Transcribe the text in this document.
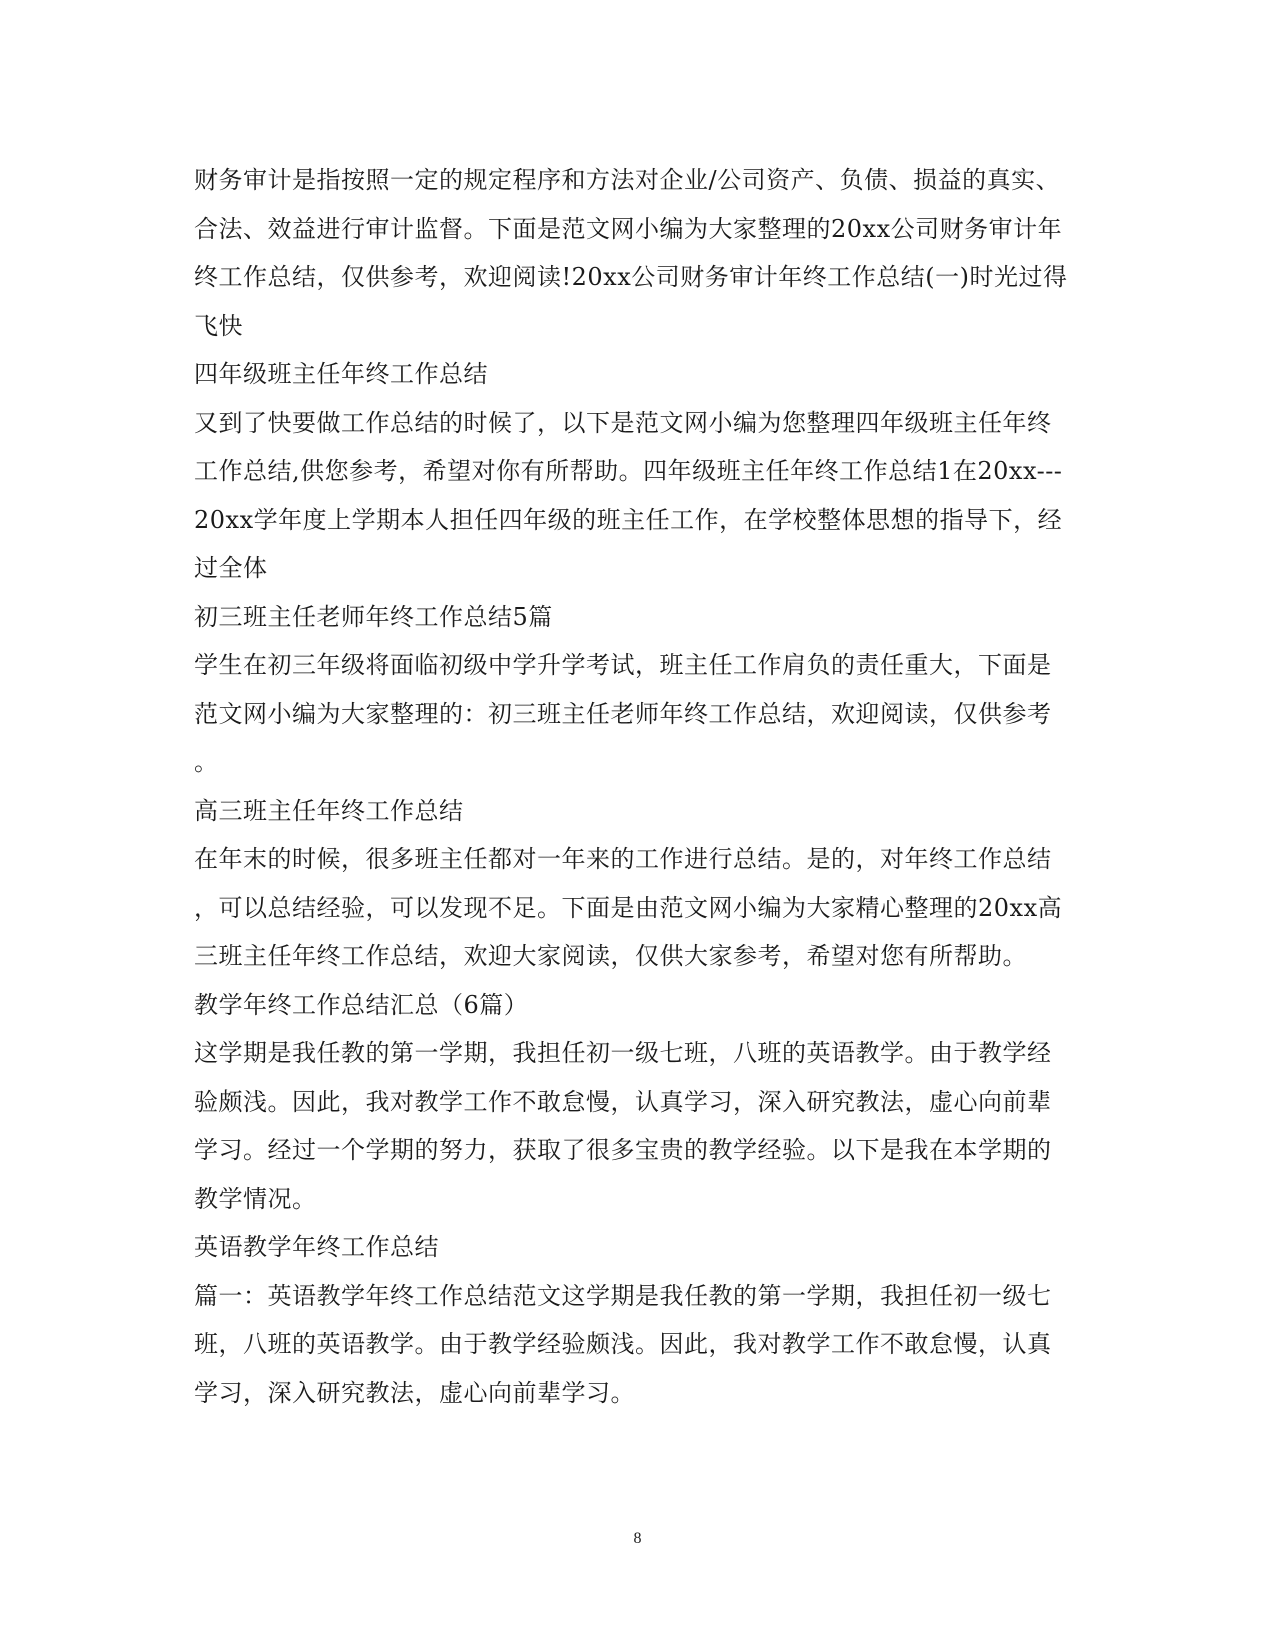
财务审计是指按照一定的规定程序和方法对企业/公司资产、负债、损益的真实、
合法、效益进行审计监督。下面是范文网小编为大家整理的20xx公司财务审计年
终工作总结，仅供参考，欢迎阅读!20xx公司财务审计年终工作总结(一)时光过得
飞快
四年级班主任年终工作总结
又到了快要做工作总结的时候了，以下是范文网小编为您整理四年级班主任年终
工作总结,供您参考，希望对你有所帮助。四年级班主任年终工作总结1在20xx---
20xx学年度上学期本人担任四年级的班主任工作，在学校整体思想的指导下，经
过全体
初三班主任老师年终工作总结5篇
学生在初三年级将面临初级中学升学考试，班主任工作肩负的责任重大，下面是
范文网小编为大家整理的：初三班主任老师年终工作总结，欢迎阅读，仅供参考
。
高三班主任年终工作总结
在年末的时候，很多班主任都对一年来的工作进行总结。是的，对年终工作总结
，可以总结经验，可以发现不足。下面是由范文网小编为大家精心整理的20xx高
三班主任年终工作总结，欢迎大家阅读，仅供大家参考，希望对您有所帮助。
教学年终工作总结汇总（6篇）
这学期是我任教的第一学期，我担任初一级七班，八班的英语教学。由于教学经
验颇浅。因此，我对教学工作不敢怠慢，认真学习，深入研究教法，虚心向前辈
学习。经过一个学期的努力，获取了很多宝贵的教学经验。以下是我在本学期的
教学情况。
英语教学年终工作总结
篇一：英语教学年终工作总结范文这学期是我任教的第一学期，我担任初一级七
班，八班的英语教学。由于教学经验颇浅。因此，我对教学工作不敢怠慢，认真
学习，深入研究教法，虚心向前辈学习。
8
